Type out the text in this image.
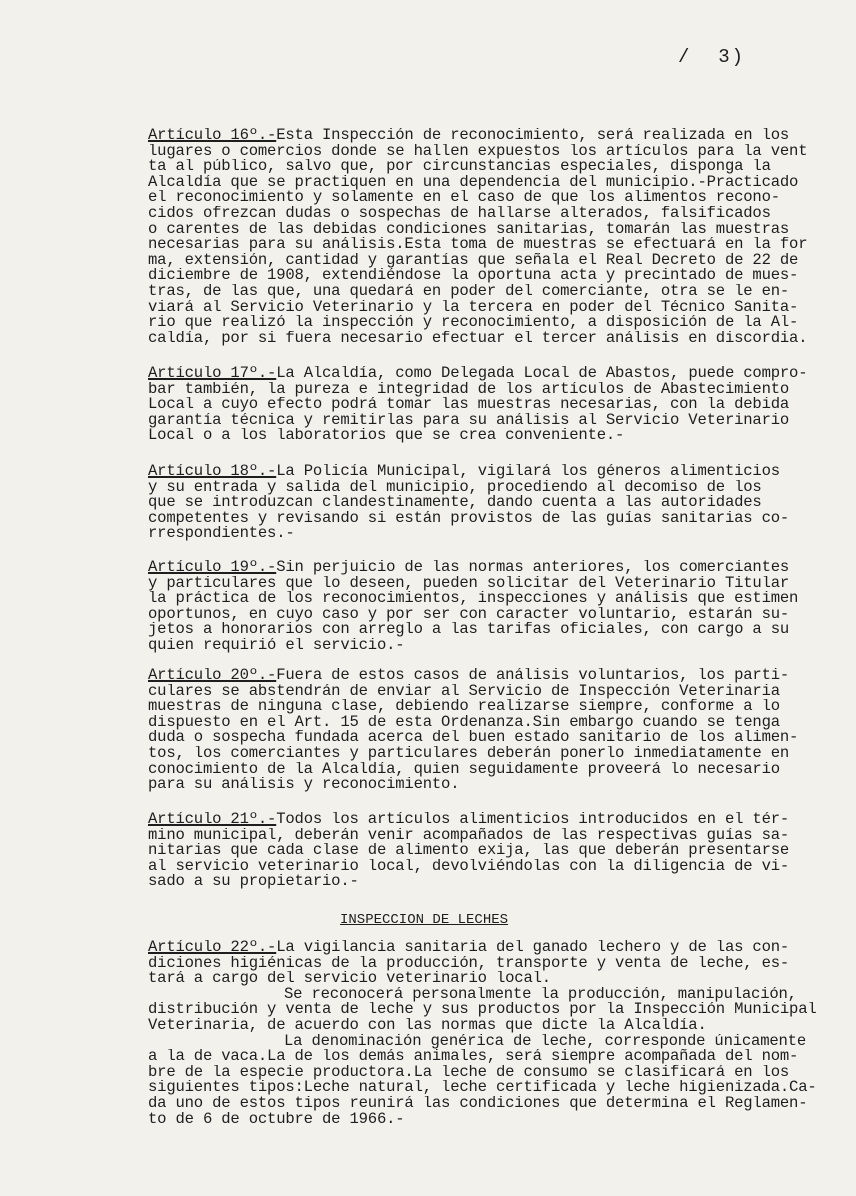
/  3)
Artículo 16º.-Esta Inspección de reconocimiento, será realizada en los
lugares o comercios donde se hallen expuestos los artículos para la vent
ta al público, salvo que, por circunstancias especiales, disponga la
Alcaldía que se practiquen en una dependencia del municipio.-Practicado
el reconocimiento y solamente en el caso de que los alimentos recono-
cidos ofrezcan dudas o sospechas de hallarse alterados, falsificados
o carentes de las debidas condiciones sanitarias, tomarán las muestras
necesarias para su análisis.Esta toma de muestras se efectuará en la for
ma, extensión, cantidad y garantías que señala el Real Decreto de 22 de
diciembre de 1908, extendiéndose la oportuna acta y precintado de mues-
tras, de las que, una quedará en poder del comerciante, otra se le en-
viará al Servicio Veterinario y la tercera en poder del Técnico Sanita-
rio que realizó la inspección y reconocimiento, a disposición de la Al-
caldía, por si fuera necesario efectuar el tercer análisis en discordia.
Artículo 17º.-La Alcaldía, como Delegada Local de Abastos, puede compro-
bar también, la pureza e integridad de los artículos de Abastecimiento
Local a cuyo efecto podrá tomar las muestras necesarias, con la debida
garantía técnica y remitirlas para su análisis al Servicio Veterinario
Local o a los laboratorios que se crea conveniente.-
Artículo 18º.-La Policía Municipal, vigilará los géneros alimenticios
y su entrada y salida del municipio, procediendo al decomiso de los
que se introduzcan clandestinamente, dando cuenta a las autoridades
competentes y revisando si están provistos de las guías sanitarias co-
rrespondientes.-
Artículo 19º.-Sin perjuicio de las normas anteriores, los comerciantes
y particulares que lo deseen, pueden solicitar del Veterinario Titular
la práctica de los reconocimientos, inspecciones y análisis que estimen
oportunos, en cuyo caso y por ser con caracter voluntario, estarán su-
jetos a honorarios con arreglo a las tarifas oficiales, con cargo a su
quien requirió el servicio.-
Artículo 20º.-Fuera de estos casos de análisis voluntarios, los parti-
culares se abstendrán de enviar al Servicio de Inspección Veterinaria
muestras de ninguna clase, debiendo realizarse siempre, conforme a lo
dispuesto en el Art. 15 de esta Ordenanza.Sin embargo cuando se tenga
duda o sospecha fundada acerca del buen estado sanitario de los alimen-
tos, los comerciantes y particulares deberán ponerlo inmediatamente en
conocimiento de la Alcaldía, quien seguidamente proveerá lo necesario
para su análisis y reconocimiento.
Artículo 21º.-Todos los artículos alimenticios introducidos en el tér-
mino municipal, deberán venir acompañados de las respectivas guías sa-
nitarias que cada clase de alimento exija, las que deberán presentarse
al servicio veterinario local, devolviéndolas con la diligencia de vi-
sado a su propietario.-
INSPECCION DE LECHES
Artículo 22º.-La vigilancia sanitaria del ganado lechero y de las con-
diciones higiénicas de la producción, transporte y venta de leche, es-
tará a cargo del servicio veterinario local.
Se reconocerá personalmente la producción, manipulación,
distribución y venta de leche y sus productos por la Inspección Municipal
Veterinaria, de acuerdo con las normas que dicte la Alcaldía.
La denominación genérica de leche, corresponde únicamente
a la de vaca.La de los demás animales, será siempre acompañada del nom-
bre de la especie productora.La leche de consumo se clasificará en los
siguientes tipos:Leche natural, leche certificada y leche higienizada.Ca-
da uno de estos tipos reunirá las condiciones que determina el Reglamen-
to de 6 de octubre de 1966.-
